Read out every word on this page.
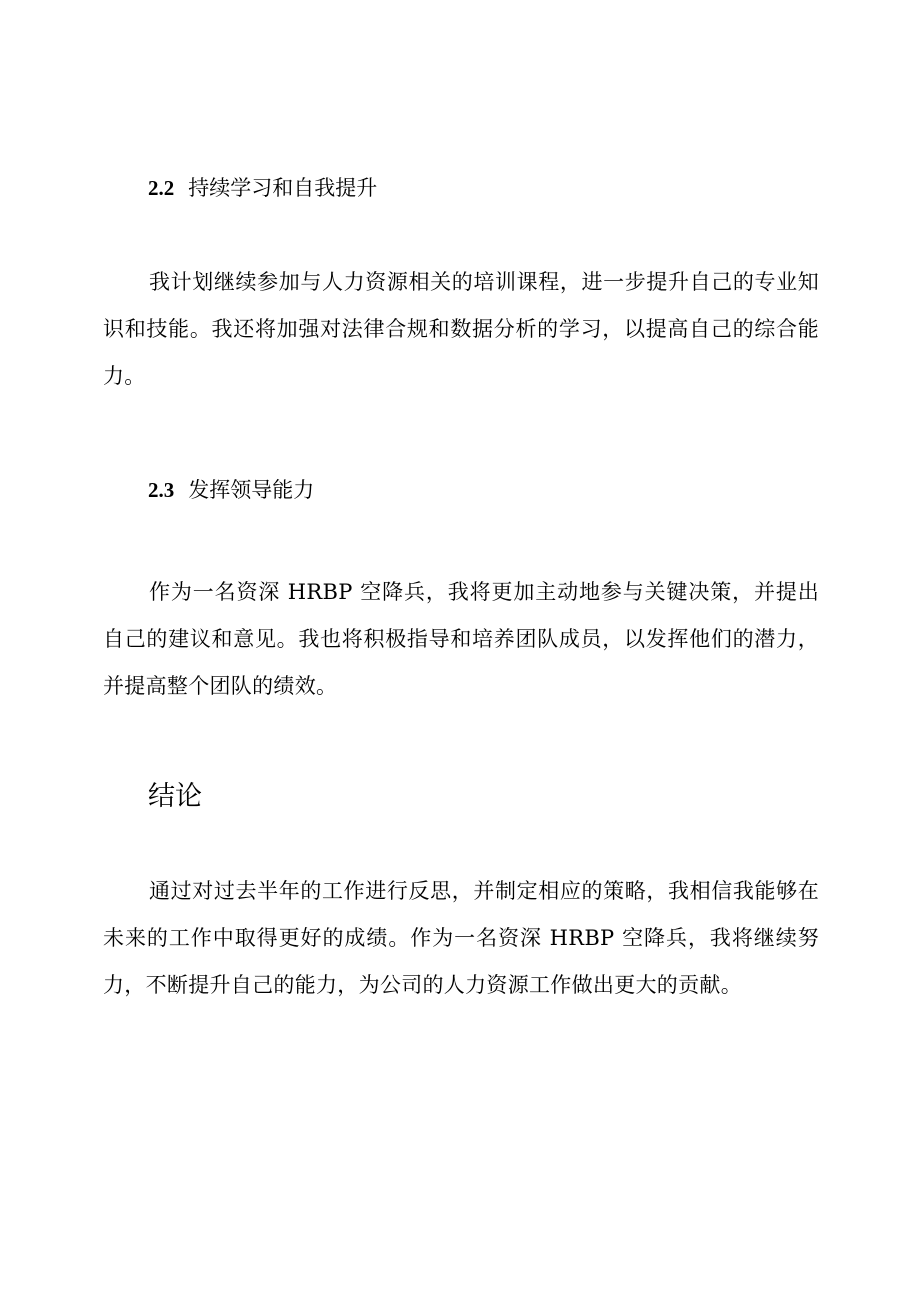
2.2 持续学习和自我提升

我计划继续参加与人力资源相关的培训课程，进一步提升自己的专业知识和技能。我还将加强对法律合规和数据分析的学习，以提高自己的综合能力。

2.3 发挥领导能力

作为一名资深 HRBP 空降兵，我将更加主动地参与关键决策，并提出自己的建议和意见。我也将积极指导和培养团队成员，以发挥他们的潜力，并提高整个团队的绩效。

结论

通过对过去半年的工作进行反思，并制定相应的策略，我相信我能够在未来的工作中取得更好的成绩。作为一名资深 HRBP 空降兵，我将继续努力，不断提升自己的能力，为公司的人力资源工作做出更大的贡献。
